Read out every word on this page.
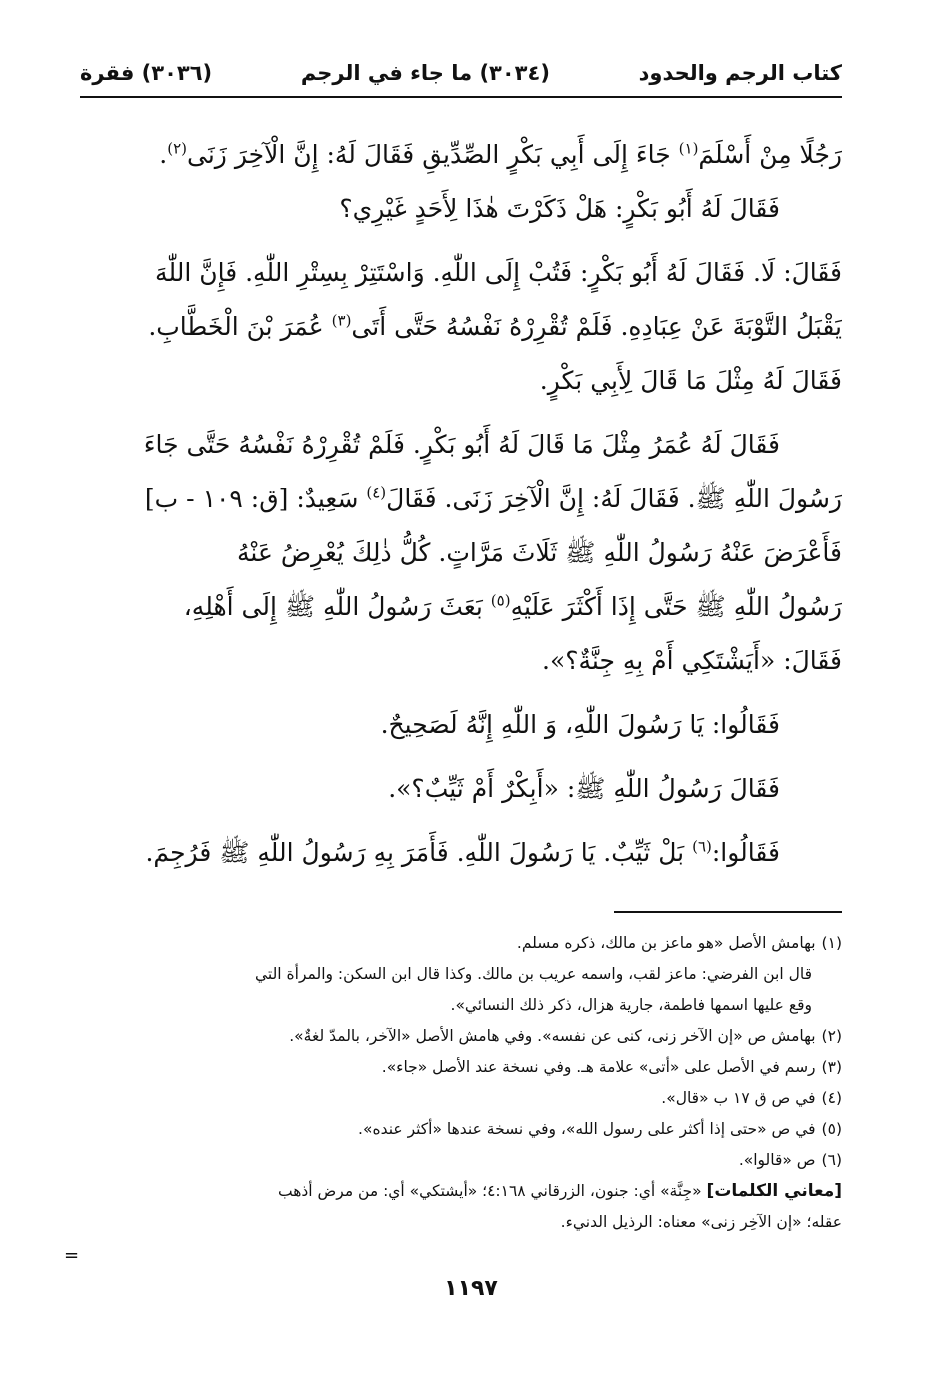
كتاب الرجم والحدود
(٣٠٣٤) ما جاء في الرجم
(٣٠٣٦) فقرة
رَجُلًا مِنْ أَسْلَمَ$^{(١)}$ جَاءَ إِلَى أَبِي بَكْرٍ الصِّدِّيقِ فَقَالَ لَهُ: إِنَّ الْآخِرَ زَنَى$^{(٢)}$.
فَقَالَ لَهُ أَبُو بَكْرٍ: هَلْ ذَكَرْتَ هٰذَا لِأَحَدٍ غَيْرِي؟
فَقَالَ: لَا. فَقَالَ لَهُ أَبُو بَكْرٍ: فَتُبْ إِلَى اللّٰهِ. وَاسْتَتِرْ بِسِتْرِ اللّٰهِ. فَإِنَّ اللّٰهَ
يَقْبَلُ التَّوْبَةَ عَنْ عِبَادِهِ. فَلَمْ تُقْرِرْهُ نَفْسُهُ حَتَّى أَتَى$^{(٣)}$ عُمَرَ بْنَ الْخَطَّابِ.
فَقَالَ لَهُ مِثْلَ مَا قَالَ لِأَبِي بَكْرٍ.
فَقَالَ لَهُ عُمَرُ مِثْلَ مَا قَالَ لَهُ أَبُو بَكْرٍ. فَلَمْ تُقْرِرْهُ نَفْسُهُ حَتَّى جَاءَ
رَسُولَ اللّٰهِ ﷺ. فَقَالَ لَهُ: إِنَّ الْآخِرَ زَنَى. فَقَالَ$^{(٤)}$ سَعِيدٌ: [ق: ١٠٩ - ب]
فَأَعْرَضَ عَنْهُ رَسُولُ اللّٰهِ ﷺ ثَلَاثَ مَرَّاتٍ. كُلُّ ذٰلِكَ يُعْرِضُ عَنْهُ
رَسُولُ اللّٰهِ ﷺ حَتَّى إِذَا أَكْثَرَ عَلَيْهِ$^{(٥)}$ بَعَثَ رَسُولُ اللّٰهِ ﷺ إِلَى أَهْلِهِ،
فَقَالَ: «أَيَشْتَكِي أَمْ بِهِ جِنَّةٌ؟».
فَقَالُوا: يَا رَسُولَ اللّٰهِ، وَ اللّٰهِ إِنَّهُ لَصَحِيحٌ.
فَقَالَ رَسُولُ اللّٰهِ ﷺ: «أَبِكْرٌ أَمْ ثَيِّبٌ؟».
فَقَالُوا:$^{(٦)}$ بَلْ ثَيِّبٌ. يَا رَسُولَ اللّٰهِ. فَأَمَرَ بِهِ رَسُولُ اللّٰهِ ﷺ فَرُجِمَ.
(١)بهامش الأصل «هو ماعز بن مالك، ذكره مسلم.
قال ابن الفرضي: ماعز لقب، واسمه عريب بن مالك. وكذا قال ابن السكن: والمرأة التي
وقع عليها اسمها فاطمة، جارية هزال، ذكر ذلك النسائي».
(٢)بهامش ص «إن الآخر زنى، كنى عن نفسه». وفي هامش الأصل «الآخر، بالمدّ لغةٌ».
(٣)رسم في الأصل على «أتى» علامة هـ. وفي نسخة عند الأصل «جاء».
(٤)في ص ق ١٧ ب «قال».
(٥)في ص «حتى إذا أكثر على رسول الله»، وفي نسخة عندها «أكثر عنده».
(٦)ص «قالوا».
[معاني الكلمات] «جِنَّة» أي: جنون، الزرقاني ٤:١٦٨؛ «أيشتكي» أي: من مرض أذهب
عقله؛ «إن الآخِر زنى» معناه: الرذيل الدنيء.
=
١١٩٧
